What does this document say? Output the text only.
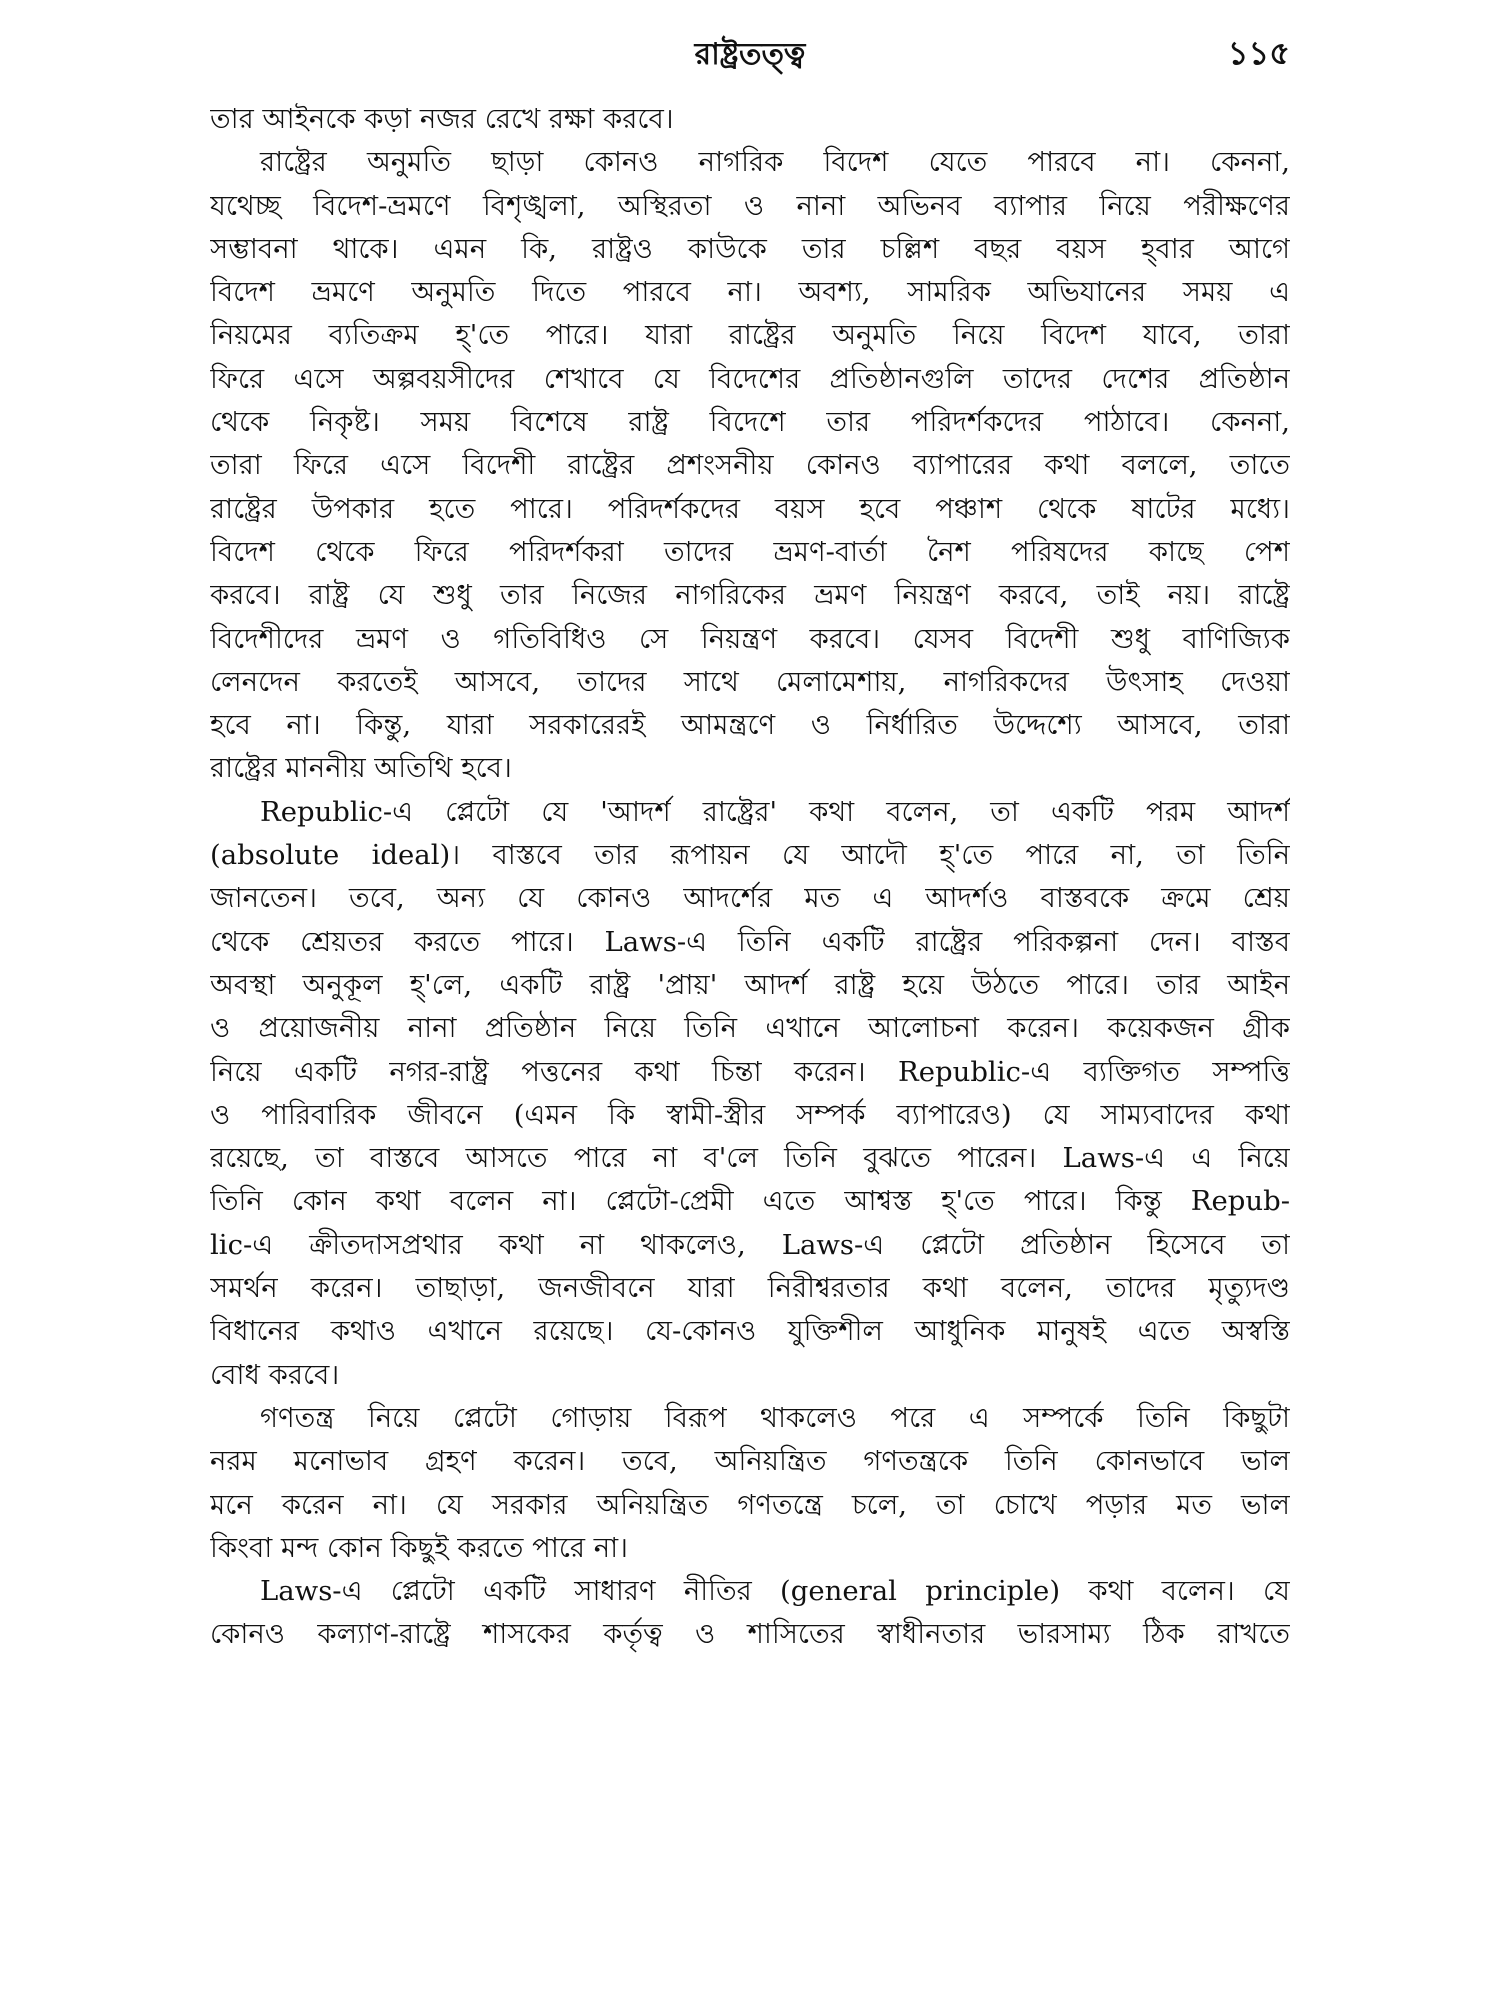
রাষ্ট্রতত্ত্ব	১১৫
তার আইনকে কড়া নজর রেখে রক্ষা করবে।
রাষ্ট্রের অনুমতি ছাড়া কোনও নাগরিক বিদেশ যেতে পারবে না। কেননা,
যথেচ্ছ বিদেশ-ভ্রমণে বিশৃঙ্খলা, অস্থিরতা ও নানা অভিনব ব্যাপার নিয়ে পরীক্ষণের
সম্ভাবনা থাকে। এমন কি, রাষ্ট্রও কাউকে তার চল্লিশ বছর বয়স হ্‌বার আগে
বিদেশ ভ্রমণে অনুমতি দিতে পারবে না। অবশ্য, সামরিক অভিযানের সময় এ
নিয়মের ব্যতিক্রম হ্‌'তে পারে। যারা রাষ্ট্রের অনুমতি নিয়ে বিদেশ যাবে, তারা
ফিরে এসে অল্পবয়সীদের শেখাবে যে বিদেশের প্রতিষ্ঠানগুলি তাদের দেশের প্রতিষ্ঠান
থেকে নিকৃষ্ট। সময় বিশেষে রাষ্ট্র বিদেশে তার পরিদর্শকদের পাঠাবে। কেননা,
তারা ফিরে এসে বিদেশী রাষ্ট্রের প্রশংসনীয় কোনও ব্যাপারের কথা বললে, তাতে
রাষ্ট্রের উপকার হতে পারে। পরিদর্শকদের বয়স হবে পঞ্চাশ থেকে ষাটের মধ্যে।
বিদেশ থেকে ফিরে পরিদর্শকরা তাদের ভ্রমণ-বার্তা নৈশ পরিষদের কাছে পেশ
করবে। রাষ্ট্র যে শুধু তার নিজের নাগরিকের ভ্রমণ নিয়ন্ত্রণ করবে, তাই নয়। রাষ্ট্রে
বিদেশীদের ভ্রমণ ও গতিবিধিও সে নিয়ন্ত্রণ করবে। যেসব বিদেশী শুধু বাণিজ্যিক
লেনদেন করতেই আসবে, তাদের সাথে মেলামেশায়, নাগরিকদের উৎসাহ দেওয়া
হবে না। কিন্তু, যারা সরকারেরই আমন্ত্রণে ও নির্ধারিত উদ্দেশ্যে আসবে, তারা
রাষ্ট্রের মাননীয় অতিথি হবে।
Republic-এ প্লেটো যে 'আদর্শ রাষ্ট্রের' কথা বলেন, তা একটি পরম আদর্শ
(absolute ideal)। বাস্তবে তার রূপায়ন যে আদৌ হ্‌'তে পারে না, তা তিনি
জানতেন। তবে, অন্য যে কোনও আদর্শের মত এ আদর্শও বাস্তবকে ক্রমে শ্রেয়
থেকে শ্রেয়তর করতে পারে। Laws-এ তিনি একটি রাষ্ট্রের পরিকল্পনা দেন। বাস্তব
অবস্থা অনুকূল হ্‌'লে, একটি রাষ্ট্র 'প্রায়' আদর্শ রাষ্ট্র হয়ে উঠতে পারে। তার আইন
ও প্রয়োজনীয় নানা প্রতিষ্ঠান নিয়ে তিনি এখানে আলোচনা করেন। কয়েকজন গ্রীক
নিয়ে একটি নগর-রাষ্ট্র পত্তনের কথা চিন্তা করেন। Republic-এ ব্যক্তিগত সম্পত্তি
ও পারিবারিক জীবনে (এমন কি স্বামী-স্ত্রীর সম্পর্ক ব্যাপারেও) যে সাম্যবাদের কথা
রয়েছে, তা বাস্তবে আসতে পারে না ব'লে তিনি বুঝতে পারেন। Laws-এ এ নিয়ে
তিনি কোন কথা বলেন না। প্লেটো-প্রেমী এতে আশ্বস্ত হ্‌'তে পারে। কিন্তু Repub-
lic-এ ক্রীতদাসপ্রথার কথা না থাকলেও, Laws-এ প্লেটো প্রতিষ্ঠান হিসেবে তা
সমর্থন করেন। তাছাড়া, জনজীবনে যারা নিরীশ্বরতার কথা বলেন, তাদের মৃত্যুদণ্ড
বিধানের কথাও এখানে রয়েছে। যে-কোনও যুক্তিশীল আধুনিক মানুষই এতে অস্বস্তি
বোধ করবে।
গণতন্ত্র নিয়ে প্লেটো গোড়ায় বিরূপ থাকলেও পরে এ সম্পর্কে তিনি কিছুটা
নরম মনোভাব গ্রহণ করেন। তবে, অনিয়ন্ত্রিত গণতন্ত্রকে তিনি কোনভাবে ভাল
মনে করেন না। যে সরকার অনিয়ন্ত্রিত গণতন্ত্রে চলে, তা চোখে পড়ার মত ভাল
কিংবা মন্দ কোন কিছুই করতে পারে না।
Laws-এ প্লেটো একটি সাধারণ নীতির (general principle) কথা বলেন। যে
কোনও কল্যাণ-রাষ্ট্রে শাসকের কর্তৃত্ব ও শাসিতের স্বাধীনতার ভারসাম্য ঠিক রাখতে
